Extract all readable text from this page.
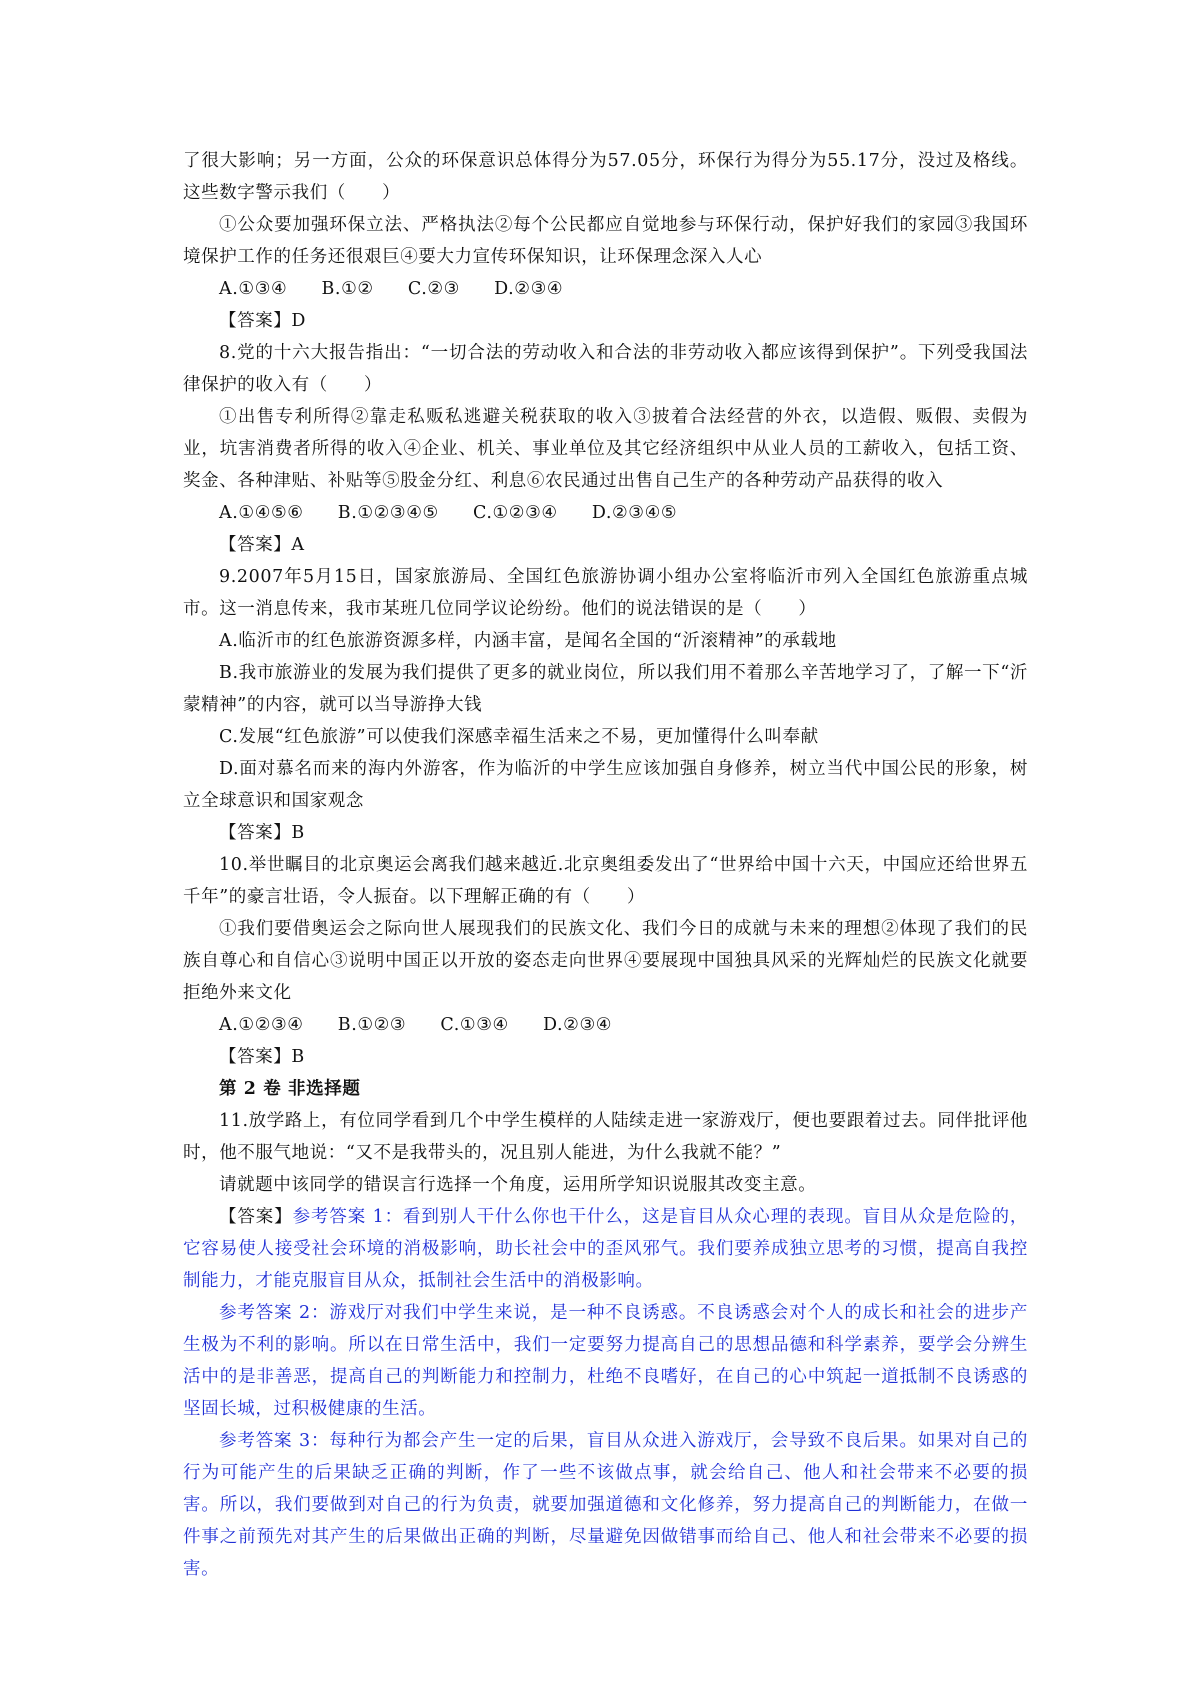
了很大影响；另一方面，公众的环保意识总体得分为57.05分，环保行为得分为55.17分，没过及格线。这些数字警示我们（　　）

①公众要加强环保立法、严格执法②每个公民都应自觉地参与环保行动，保护好我们的家园③我国环境保护工作的任务还很艰巨④要大力宣传环保知识，让环保理念深入人心

A.①③④ B.①② C.②③ D.②③④

【答案】D

8.党的十六大报告指出：“一切合法的劳动收入和合法的非劳动收入都应该得到保护”。下列受我国法律保护的收入有（　　）

①出售专利所得②靠走私贩私逃避关税获取的收入③披着合法经营的外衣，以造假、贩假、卖假为业，坑害消费者所得的收入④企业、机关、事业单位及其它经济组织中从业人员的工薪收入，包括工资、奖金、各种津贴、补贴等⑤股金分红、利息⑥农民通过出售自己生产的各种劳动产品获得的收入

A.①④⑤⑥ B.①②③④⑤ C.①②③④ D.②③④⑤

【答案】A

9.2007年5月15日，国家旅游局、全国红色旅游协调小组办公室将临沂市列入全国红色旅游重点城市。这一消息传来，我市某班几位同学议论纷纷。他们的说法错误的是（　　）

A.临沂市的红色旅游资源多样，内涵丰富，是闻名全国的“沂滚精神”的承载地

B.我市旅游业的发展为我们提供了更多的就业岗位，所以我们用不着那么辛苦地学习了，了解一下“沂蒙精神”的内容，就可以当导游挣大钱

C.发展“红色旅游”可以使我们深感幸福生活来之不易，更加懂得什么叫奉献

D.面对慕名而来的海内外游客，作为临沂的中学生应该加强自身修养，树立当代中国公民的形象，树立全球意识和国家观念

【答案】B

10.举世瞩目的北京奥运会离我们越来越近.北京奥组委发出了“世界给中国十六天，中国应还给世界五千年”的豪言壮语，令人振奋。以下理解正确的有（　　）

①我们要借奥运会之际向世人展现我们的民族文化、我们今日的成就与未来的理想②体现了我们的民族自尊心和自信心③说明中国正以开放的姿态走向世界④要展现中国独具风采的光辉灿烂的民族文化就要拒绝外来文化

A.①②③④ B.①②③ C.①③④ D.②③④

【答案】B

第 2 卷 非选择题

11.放学路上，有位同学看到几个中学生模样的人陆续走进一家游戏厅，便也要跟着过去。同伴批评他时，他不服气地说：“又不是我带头的，况且别人能进，为什么我就不能？”

请就题中该同学的错误言行选择一个角度，运用所学知识说服其改变主意。

【答案】参考答案 1：看到别人干什么你也干什么，这是盲目从众心理的表现。盲目从众是危险的，它容易使人接受社会环境的消极影响，助长社会中的歪风邪气。我们要养成独立思考的习惯，提高自我控制能力，才能克服盲目从众，抵制社会生活中的消极影响。

参考答案 2：游戏厅对我们中学生来说，是一种不良诱惑。不良诱惑会对个人的成长和社会的进步产生极为不利的影响。所以在日常生活中，我们一定要努力提高自己的思想品德和科学素养，要学会分辨生活中的是非善恶，提高自己的判断能力和控制力，杜绝不良嗜好，在自己的心中筑起一道抵制不良诱惑的坚固长城，过积极健康的生活。

参考答案 3：每种行为都会产生一定的后果，盲目从众进入游戏厅，会导致不良后果。如果对自己的行为可能产生的后果缺乏正确的判断，作了一些不该做点事，就会给自己、他人和社会带来不必要的损害。所以，我们要做到对自己的行为负责，就要加强道德和文化修养，努力提高自己的判断能力，在做一件事之前预先对其产生的后果做出正确的判断，尽量避免因做错事而给自己、他人和社会带来不必要的损害。
